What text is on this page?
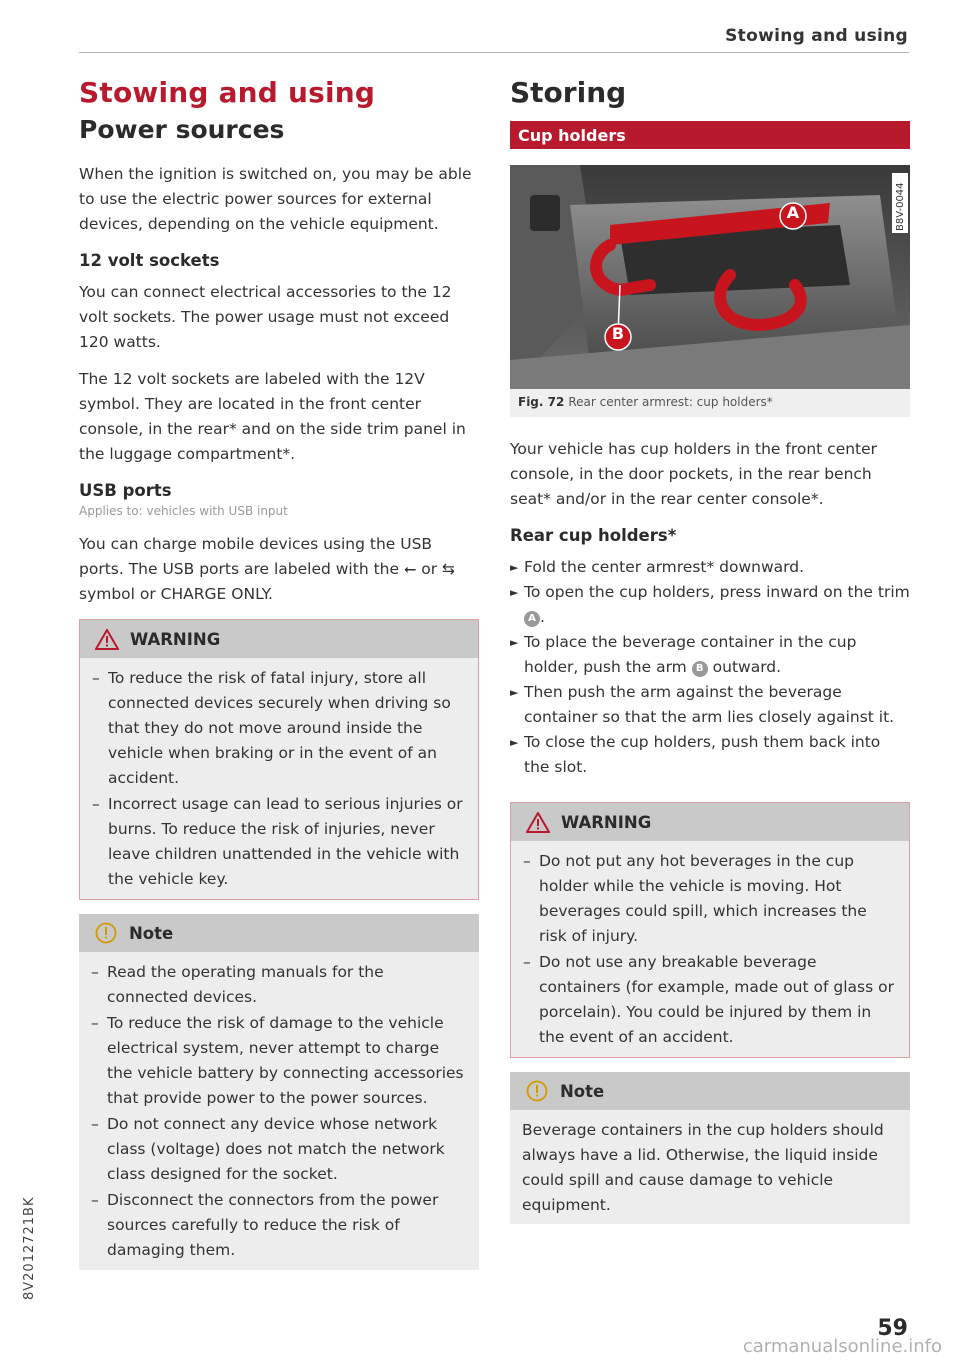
Stowing and using
Stowing and using
Power sources

When the ignition is switched on, you may be able to use the electric power sources for external devices, depending on the vehicle equipment.

12 volt sockets

You can connect electrical accessories to the 12 volt sockets. The power usage must not exceed 120 watts.

The 12 volt sockets are labeled with the 12V symbol. They are located in the front center console, in the rear* and on the side trim panel in the luggage compartment*.

USB ports
Applies to: vehicles with USB input

You can charge mobile devices using the USB ports. The USB ports are labeled with the ⭠ or ⇆ symbol or CHARGE ONLY.

WARNING
– To reduce the risk of fatal injury, store all connected devices securely when driving so that they do not move around inside the vehicle when braking or in the event of an accident.
– Incorrect usage can lead to serious injuries or burns. To reduce the risk of injuries, never leave children unattended in the vehicle with the vehicle key.
Note
– Read the operating manuals for the connected devices.
– To reduce the risk of damage to the vehicle electrical system, never attempt to charge the vehicle battery by connecting accessories that provide power to the power sources.
– Do not connect any device whose network class (voltage) does not match the network class designed for the socket.
– Disconnect the connectors from the power sources carefully to reduce the risk of damaging them.
Storing
Cup holders
A
B
B8V-0044
Fig. 72 Rear center armrest: cup holders*

Your vehicle has cup holders in the front center console, in the door pockets, in the rear bench seat* and/or in the rear center console*.

Rear cup holders*
► Fold the center armrest* downward.
► To open the cup holders, press inward on the trim A .
► To place the beverage container in the cup holder, push the arm B outward.
► Then push the arm against the beverage container so that the arm lies closely against it.
► To close the cup holders, push them back into the slot.
WARNING
– Do not put any hot beverages in the cup holder while the vehicle is moving. Hot beverages could spill, which increases the risk of injury.
– Do not use any breakable beverage containers (for example, made out of glass or porcelain). You could be injured by them in the event of an accident.
Note

Beverage containers in the cup holders should always have a lid. Otherwise, the liquid inside could spill and cause damage to vehicle equipment.

8V2012721BK
59
carmanualsonline.info
